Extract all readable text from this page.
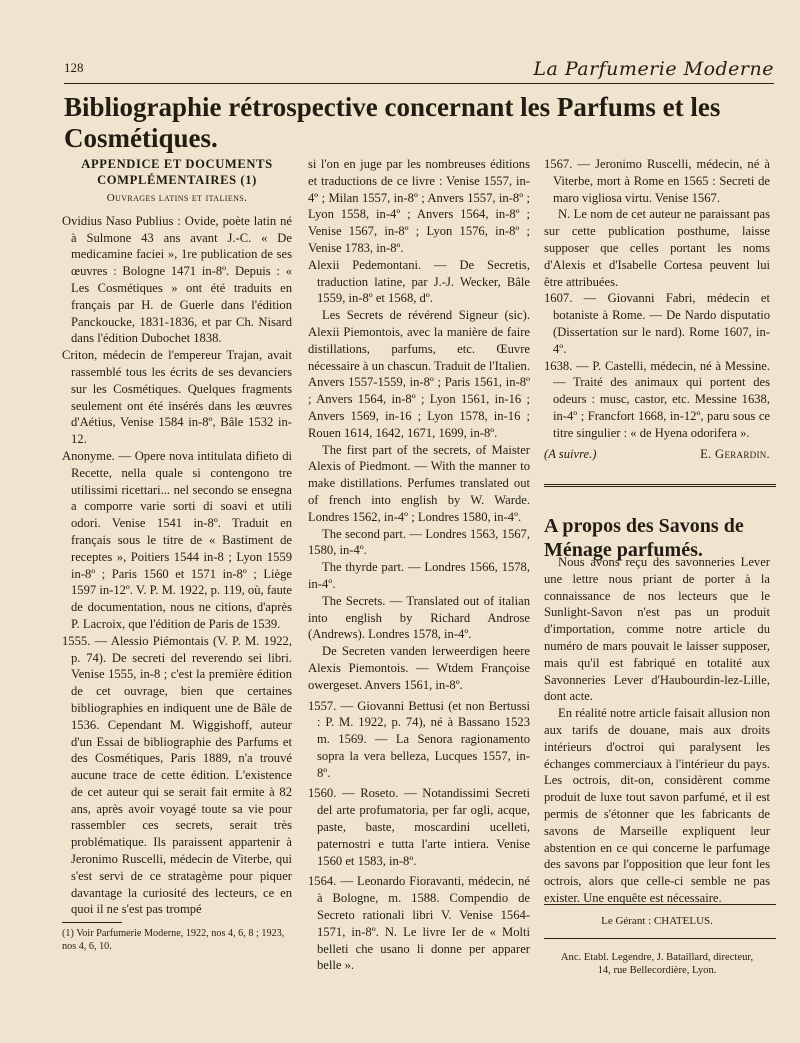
128	La Parfumerie Moderne
Bibliographie rétrospective concernant les Parfums et les Cosmétiques.

APPENDICE ET DOCUMENTS

COMPLÉMENTAIRES (1)

Ouvrages latins et italiens.

Ovidius Naso Publius : Ovide, poète latin né à Sulmone 43 ans avant J.-C. « De medicamine faciei », 1re publication de ses œuvres : Bologne 1471 in-8º. Depuis : « Les Cosmétiques » ont été traduits en français par H. de Guerle dans l'édition Panckoucke, 1831-1836, et par Ch. Nisard dans l'édition Dubochet 1838.

Criton, médecin de l'empereur Trajan, avait rassemblé tous les écrits de ses devanciers sur les Cosmétiques. Quelques fragments seulement ont été insérés dans les œuvres d'Aétius, Venise 1584 in-8º, Bâle 1532 in-12.

Anonyme. — Opere nova intitulata difieto di Recette, nella quale si contengono tre utilissimi ricettari... nel secondo se ensegna a comporre varie sorti di soavi et utili odori. Venise 1541 in-8º. Traduit en français sous le titre de « Bastiment de receptes », Poitiers 1544 in-8 ; Lyon 1559 in-8º ; Paris 1560 et 1571 in-8º ; Liège 1597 in-12º. V. P. M. 1922, p. 119, où, faute de documentation, nous ne citions, d'après P. Lacroix, que l'édition de Paris de 1539.

1555. — Alessio Piémontais (V. P. M. 1922, p. 74). De secreti del reverendo sei libri. Venise 1555, in-8 ; c'est la première édition de cet ouvrage, bien que certaines bibliographies en indiquent une de Bâle de 1536. Cependant M. Wiggishoff, auteur d'un Essai de bibliographie des Parfums et des Cosmétiques, Paris 1889, n'a trouvé aucune trace de cette édition. L'existence de cet auteur qui se serait fait ermite à 82 ans, après avoir voyagé toute sa vie pour rassembler ces secrets, serait très problématique. Ils paraissent appartenir à Jeronimo Ruscelli, médecin de Viterbe, qui s'est servi de ce stratagème pour piquer davantage la curiosité des lecteurs, ce en quoi il ne s'est pas trompé

(1) Voir Parfumerie Moderne, 1922, nos 4, 6, 8 ; 1923, nos 4, 6, 10.

si l'on en juge par les nombreuses éditions et traductions de ce livre : Venise 1557, in-4º ; Milan 1557, in-8º ; Anvers 1557, in-8º ; Lyon 1558, in-4º ; Anvers 1564, in-8º ; Venise 1567, in-8º ; Lyon 1576, in-8º ; Venise 1783, in-8º.

Alexii Pedemontani. — De Secretis, traduction latine, par J.-J. Wecker, Bâle 1559, in-8º et 1568, dº.

Les Secrets de révérend Signeur (sic). Alexii Piemontois, avec la manière de faire distillations, parfums, etc. Œuvre nécessaire à un chascun. Traduit de l'Italien. Anvers 1557-1559, in-8º ; Paris 1561, in-8º ; Anvers 1564, in-8º ; Lyon 1561, in-16 ; Anvers 1569, in-16 ; Lyon 1578, in-16 ; Rouen 1614, 1642, 1671, 1699, in-8º.

The first part of the secrets, of Maister Alexis of Piedmont. — With the manner to make distillations. Perfumes translated out of french into english by W. Warde. Londres 1562, in-4º ; Londres 1580, in-4º.

The second part. — Londres 1563, 1567, 1580, in-4º.

The thyrde part. — Londres 1566, 1578, in-4º.

The Secrets. — Translated out of italian into english by Richard Androse (Andrews). Londres 1578, in-4º.

De Secreten vanden lerweerdigen heere Alexis Piemontois. — Wtdem Françoise owergeset. Anvers 1561, in-8º.

1557. — Giovanni Bettusi (et non Bertussi : P. M. 1922, p. 74), né à Bassano 1523 m. 1569. — La Senora ragionamento sopra la vera belleza, Lucques 1557, in-8º.

1560. — Roseto. — Notandissimi Secreti del arte profumatoria, per far ogli, acque, paste, baste, moscardini ucelleti, paternostri e tutta l'arte intiera. Venise 1560 et 1583, in-8º.

1564. — Leonardo Fioravanti, médecin, né à Bologne, m. 1588. Compendio de Secreto rationali libri V. Venise 1564-1571, in-8º. N. Le livre Ier de « Molti belleti che usano li donne per apparer belle ».

1567. — Jeronimo Ruscelli, médecin, né à Viterbe, mort à Rome en 1565 : Secreti de maro vigliosa virtu. Venise 1567.

N. Le nom de cet auteur ne paraissant pas sur cette publication posthume, laisse supposer que celles portant les noms d'Alexis et d'Isabelle Cortesa peuvent lui être attribuées.

1607. — Giovanni Fabri, médecin et botaniste à Rome. — De Nardo disputatio (Dissertation sur le nard). Rome 1607, in-4º.

1638. — P. Castelli, médecin, né à Messine. — Traité des animaux qui portent des odeurs : musc, castor, etc. Messine 1638, in-4º ; Francfort 1668, in-12º, paru sous ce titre singulier : « de Hyena odorifera ».

(A suivre.)	E. Gerardin.

A propos des Savons de Ménage parfumés.

Nous avons reçu des savonneries Lever une lettre nous priant de porter à la connaissance de nos lecteurs que le Sunlight-Savon n'est pas un produit d'importation, comme notre article du numéro de mars pouvait le laisser supposer, mais qu'il est fabriqué en totalité aux Savonneries Lever d'Haubourdin-lez-Lille, dont acte.

En réalité notre article faisait allusion non aux tarifs de douane, mais aux droits intérieurs d'octroi qui paralysent les échanges commerciaux à l'intérieur du pays. Les octrois, dit-on, considèrent comme produit de luxe tout savon parfumé, et il est permis de s'étonner que les fabricants de savons de Marseille expliquent leur abstention en ce qui concerne le parfumage des savons par l'opposition que leur font les octrois, alors que celle-ci semble ne pas exister. Une enquête est nécessaire.

Le Gérant : CHATELUS.
Anc. Etabl. Legendre, J. Bataillard, directeur,
14, rue Bellecordière, Lyon.
